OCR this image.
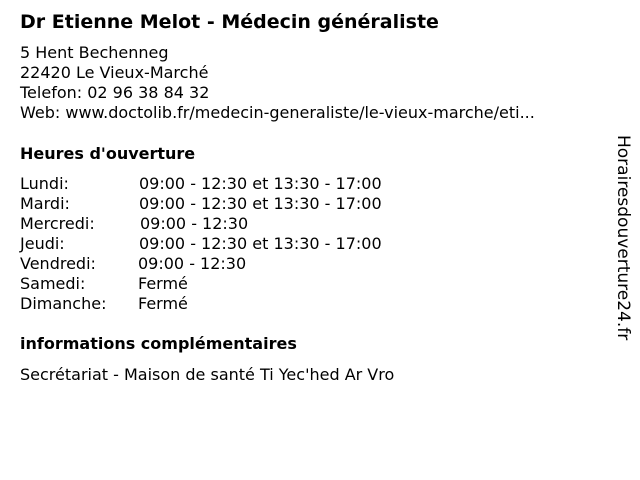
Dr Etienne Melot - Médecin généraliste
5 Hent Bechenneg
22420 Le Vieux-Marché
Telefon: 02 96 38 84 32
Web: www.doctolib.fr/medecin-generaliste/le-vieux-marche/eti...
Heures d'ouverture
Lundi:	09:00 - 12:30 et 13:30 - 17:00
Mardi:	09:00 - 12:30 et 13:30 - 17:00
Mercredi:	09:00 - 12:30
Jeudi:	09:00 - 12:30 et 13:30 - 17:00
Vendredi:	09:00 - 12:30
Samedi:	Fermé
Dimanche: Fermé
informations complémentaires
Secrétariat - Maison de santé Ti Yec'hed Ar Vro
Horairesdouverture24.fr
